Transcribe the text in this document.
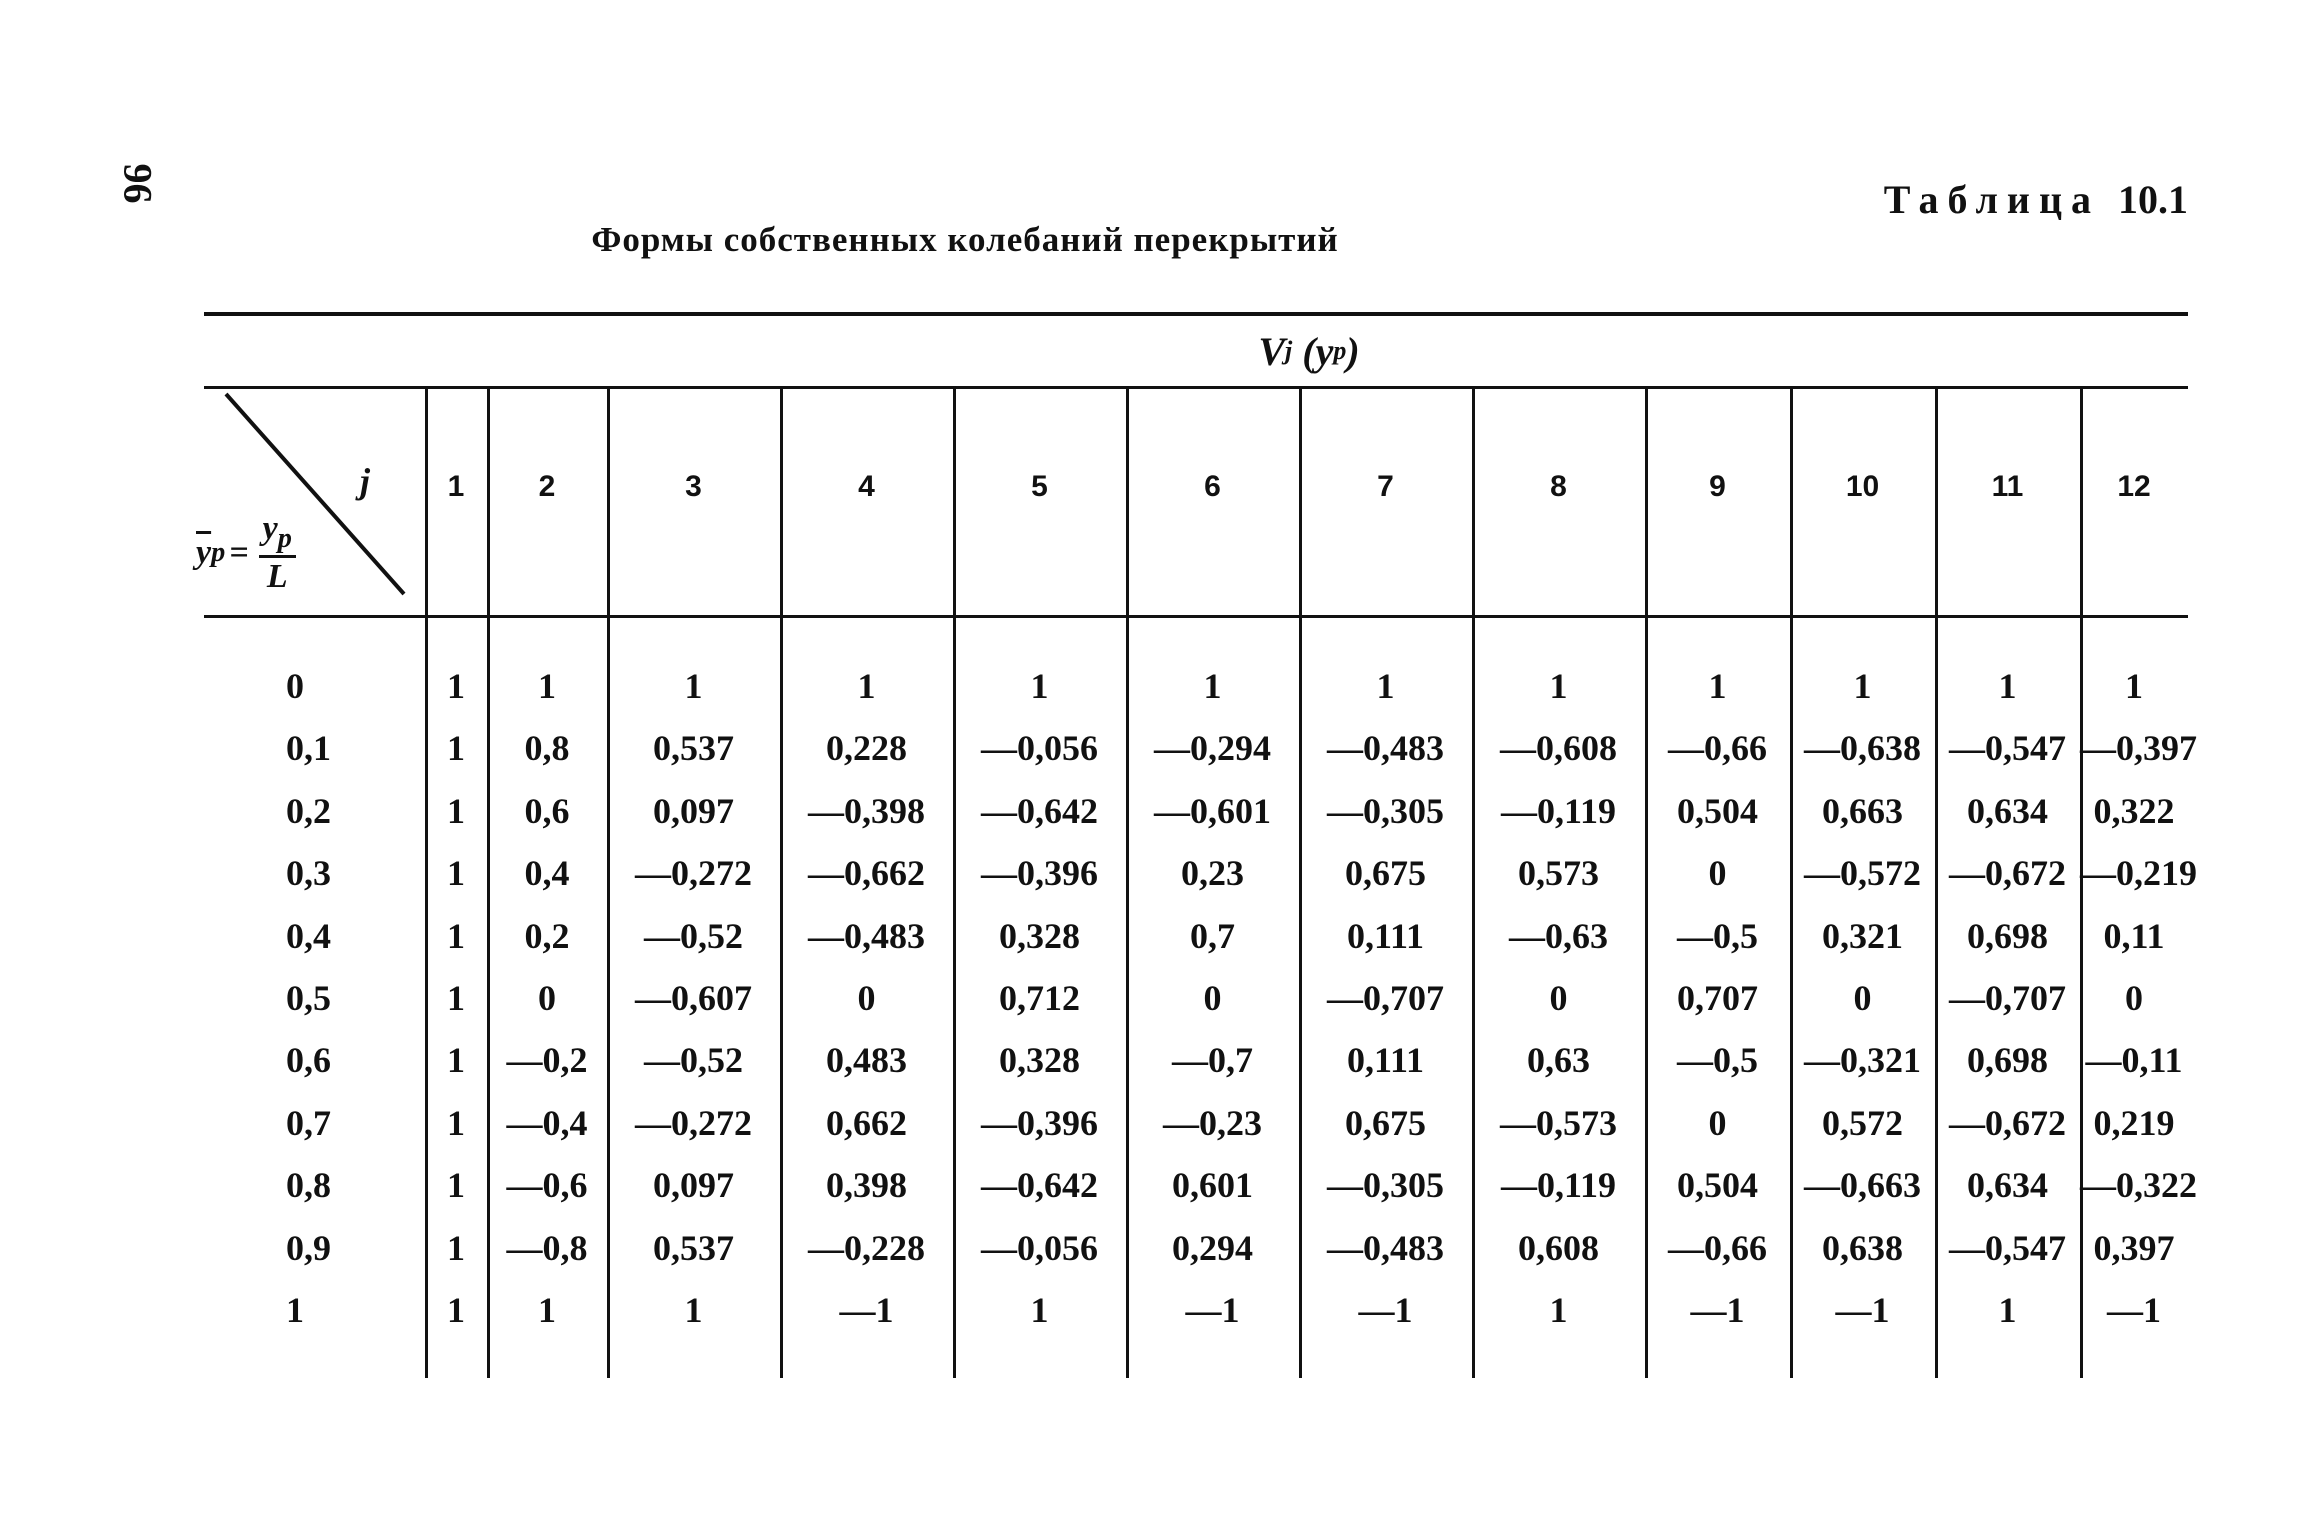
96	Таблица 10.1
Формы собственных колебаний перекрытий
V j
(y p )
j
$\overline{y}$ $p = \frac{y_p}{L}$
1	2	3	4	5	6	7	8	9	10	11	12
0	1	1	1	1	1	1	1	1	1	1	1	1
0,1	1	0,8	0,537	0,228	—0,056	—0,294	—0,483	—0,608	—0,66	—0,638 —0,547 —0,397
0,2	1	0,6	0,097	—0,398	—0,642	—0,601	—0,305	—0,119	0,504	0,663	0,634	0,322
0,3	1	0,4	—0,272	—0,662	—0,396	0,23	0,675	0,573	0	—0,572 —0,672 —0,219
0,4	1	0,2	—0,52	—0,483	0,328	0,7	0,111	—0,63	—0,5	0,321	0,698	0,11
0,5	1	0	—0,607	0	0,712	0	—0,707	0	0,707	0	—0,707	0
0,6	1	—0,2	—0,52	0,483	0,328	—0,7	0,111	0,63	—0,5	—0,321	0,698	—0,11
0,7	1	—0,4	—0,272	0,662	—0,396	—0,23	0,675	—0,573	0	0,572	—0,672 0,219
0,8	1	—0,6	0,097	0,398	—0,642	0,601	—0,305	—0,119	0,504	—0,663	0,634 —0,322
0,9	1	—0,8	0,537	—0,228	—0,056	0,294	—0,483	0,608	—0,66	0,638	—0,547 0,397
1	1	1	1	—1	1	—1	—1	1	—1	—1	1	—1
